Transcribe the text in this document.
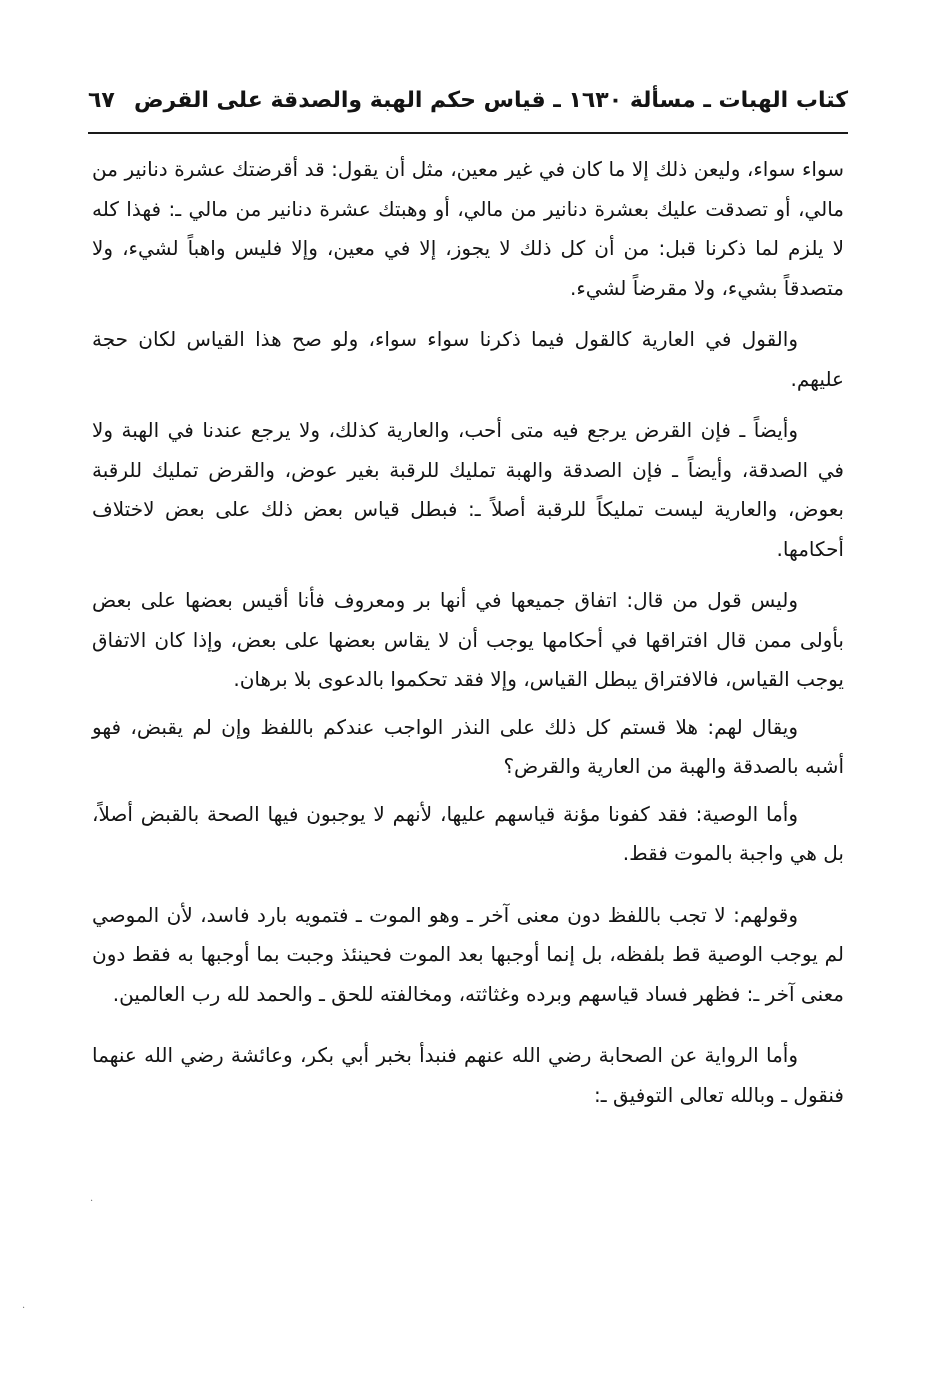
كتاب الهبات ـ مسألة ١٦٣٠ ـ قياس حكم الهبة والصدقة على القرض
٦٧

سواء سواء، وليعن ذلك إلا ما كان في غير معين، مثل أن يقول: قد أقرضتك عشرة دنانير من مالي، أو تصدقت عليك بعشرة دنانير من مالي، أو وهبتك عشرة دنانير من مالي ـ: فهذا كله لا يلزم لما ذكرنا قبل: من أن كل ذلك لا يجوز، إلا في معين، وإلا فليس واهباً لشيء، ولا متصدقاً بشيء، ولا مقرضاً لشيء.

والقول في العارية كالقول فيما ذكرنا سواء سواء، ولو صح هذا القياس لكان حجة عليهم.

وأيضاً ـ فإن القرض يرجع فيه متى أحب، والعارية كذلك، ولا يرجع عندنا في الهبة ولا في الصدقة، وأيضاً ـ فإن الصدقة والهبة تمليك للرقبة بغير عوض، والقرض تمليك للرقبة بعوض، والعارية ليست تمليكاً للرقبة أصلاً ـ: فبطل قياس بعض ذلك على بعض لاختلاف أحكامها.

وليس قول من قال: اتفاق جميعها في أنها بر ومعروف فأنا أقيس بعضها على بعض بأولى ممن قال افتراقها في أحكامها يوجب أن لا يقاس بعضها على بعض، وإذا كان الاتفاق يوجب القياس، فالافتراق يبطل القياس، وإلا فقد تحكموا بالدعوى بلا برهان.

ويقال لهم: هلا قستم كل ذلك على النذر الواجب عندكم باللفظ وإن لم يقبض، فهو أشبه بالصدقة والهبة من العارية والقرض؟

وأما الوصية: فقد كفونا مؤنة قياسهم عليها، لأنهم لا يوجبون فيها الصحة بالقبض أصلاً، بل هي واجبة بالموت فقط.

وقولهم: لا تجب باللفظ دون معنى آخر ـ وهو الموت ـ فتمويه بارد فاسد، لأن الموصي لم يوجب الوصية قط بلفظه، بل إنما أوجبها بعد الموت فحينئذ وجبت بما أوجبها به فقط دون معنى آخر ـ: فظهر فساد قياسهم وبرده وغثاثته، ومخالفته للحق ـ والحمد لله رب العالمين.

وأما الرواية عن الصحابة رضي الله عنهم فنبدأ بخبر أبي بكر، وعائشة رضي الله عنهما فنقول ـ وبالله تعالى التوفيق ـ:

·
·
